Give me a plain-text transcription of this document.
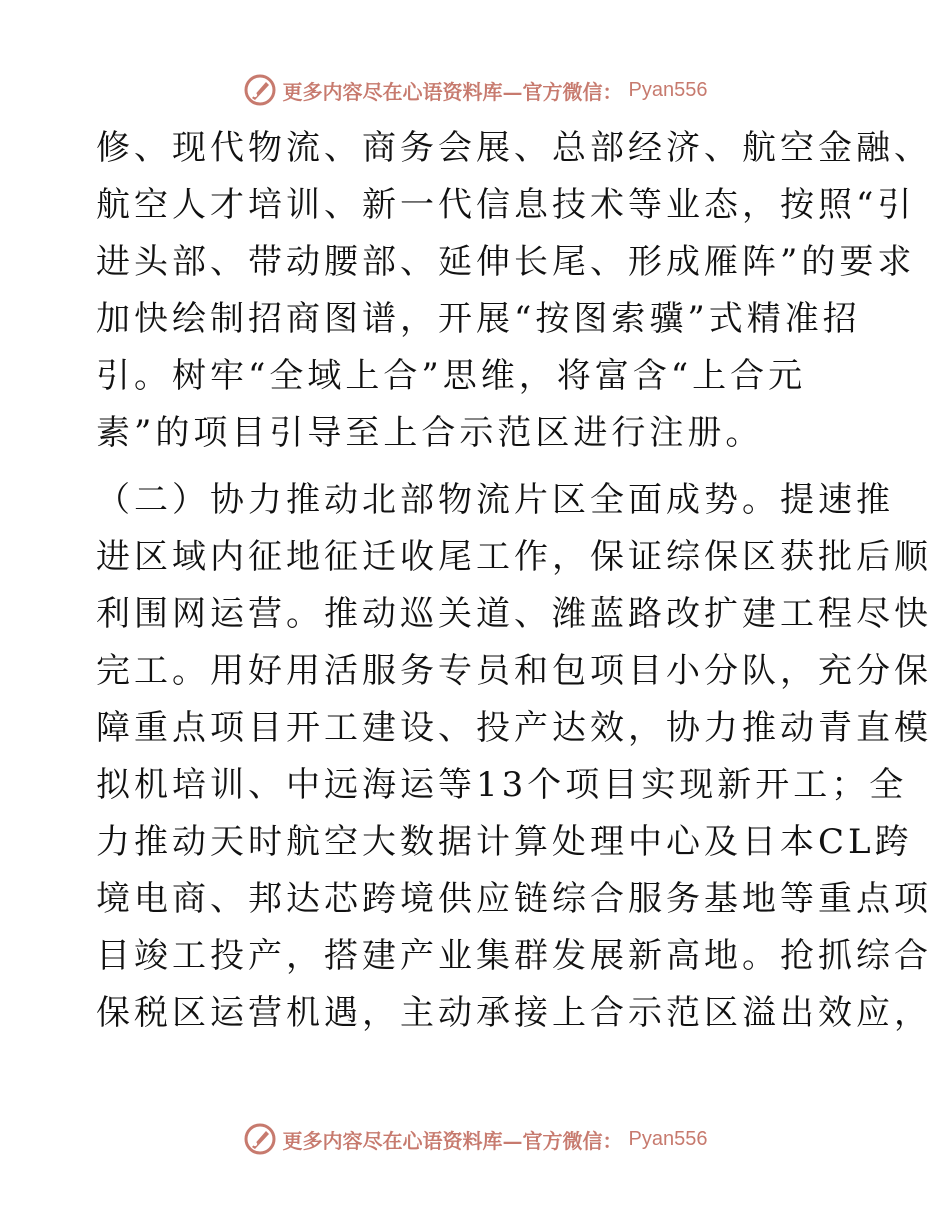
更多内容尽在心语资料库—官方微信： Pyan556
修、现代物流、商务会展、总部经济、航空金融、
航空人才培训、新一代信息技术等业态，按照“引
进头部、带动腰部、延伸长尾、形成雁阵”的要求
加快绘制招商图谱，开展“按图索骥”式精准招
引。树牢“全域上合”思维，将富含“上合元
素”的项目引导至上合示范区进行注册。
（二）协力推动北部物流片区全面成势。提速推
进区域内征地征迁收尾工作，保证综保区获批后顺
利围网运营。推动巡关道、潍蓝路改扩建工程尽快
完工。用好用活服务专员和包项目小分队，充分保
障重点项目开工建设、投产达效，协力推动青直模
拟机培训、中远海运等13个项目实现新开工；全
力推动天时航空大数据计算处理中心及日本CL跨
境电商、邦达芯跨境供应链综合服务基地等重点项
目竣工投产，搭建产业集群发展新高地。抢抓综合
保税区运营机遇，主动承接上合示范区溢出效应，
更多内容尽在心语资料库—官方微信： Pyan556
